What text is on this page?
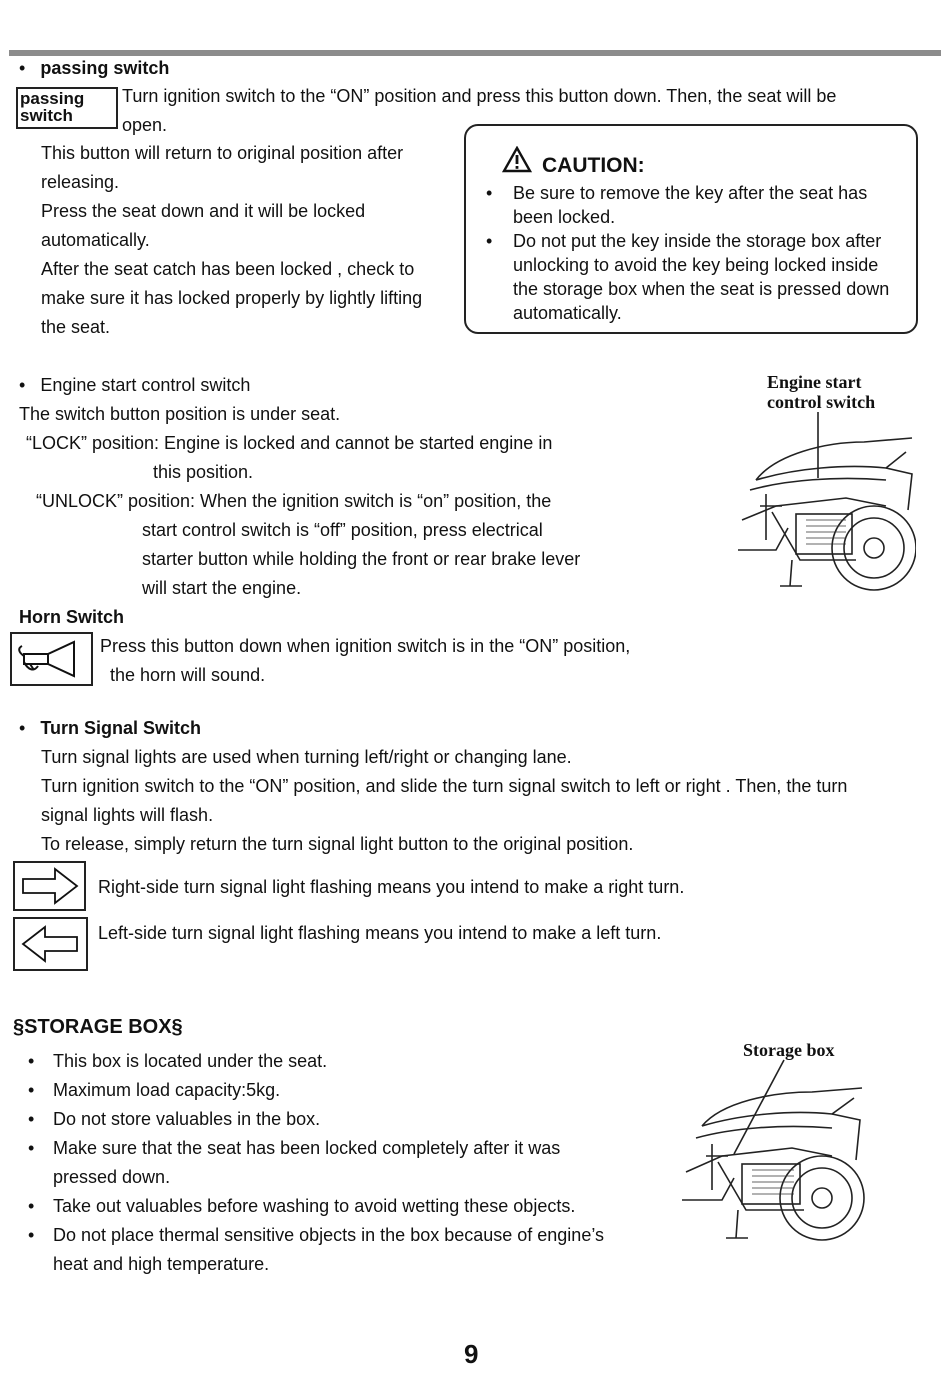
• passing switch
passing
switch
Turn ignition switch to the “ON” position and press this button down. Then, the seat will be
open.
This button will return to original position after
releasing.
Press the seat down and it will be locked
automatically.
After the seat catch has been locked , check to
make sure it has locked properly by lightly lifting
the seat.
CAUTION:
• Be sure to remove the key after the seat has
been locked.
• Do not put the key inside the storage box after
unlocking to avoid the key being locked inside
the storage box when the seat is pressed down
automatically.
• Engine start control switch
The switch button position is under seat.
“LOCK” position: Engine is locked and cannot be started engine in
this position.
“UNLOCK” position: When the ignition switch is “on” position, the
start control switch is “off” position, press electrical
starter button while holding the front or rear brake lever
will start the engine.
Engine start
control switch
Horn Switch
Press this button down when ignition switch is in the “ON” position,
the horn will sound.
• Turn Signal Switch
Turn signal lights are used when turning left/right or changing lane.
Turn ignition switch to the “ON” position, and slide the turn signal switch to left or right . Then, the turn
signal lights will flash.
To release, simply return the turn signal light button to the original position.
Right-side turn signal light flashing means you intend to make a right turn.
Left-side turn signal light flashing means you intend to make a left turn.
§STORAGE BOX§
• This box is located under the seat.
• Maximum load capacity:5kg.
• Do not store valuables in the box.
• Make sure that the seat has been locked completely after it was
pressed down.
• Take out valuables before washing to avoid wetting these objects.
• Do not place thermal sensitive objects in the box because of engine’s
heat and high temperature.
Storage box
9
